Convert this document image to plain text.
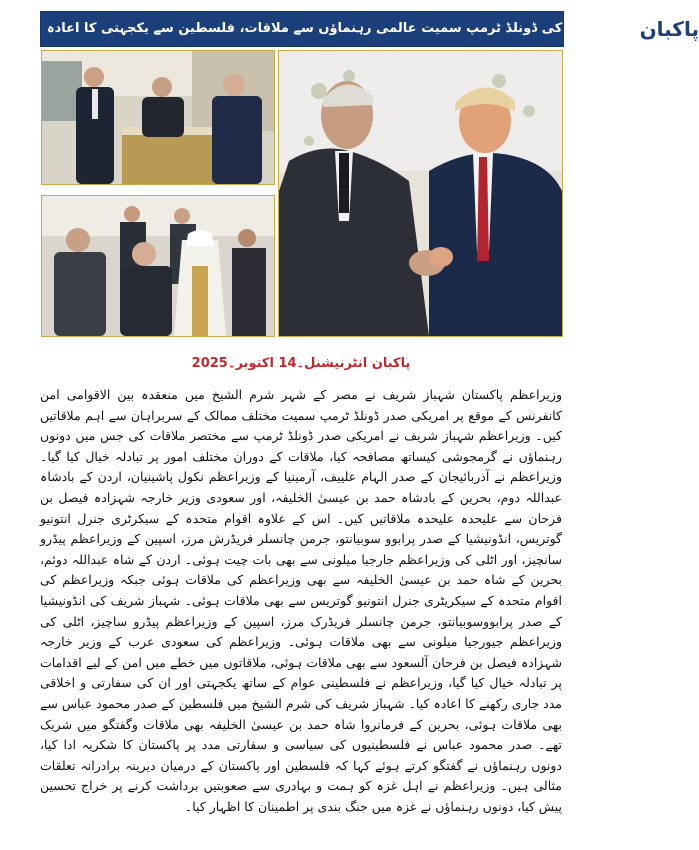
وزیراعظم کی ڈونلڈ ٹرمپ سمیت عالمی رہنماؤں سے ملاقات، فلسطین سے یکجہتی کا اعادہ پاکبان
پاکبان انٹرنیشنل۔14 اکتوبر۔2025

وزیراعظم پاکستان شہباز شریف نے مصر کے شہر شرم الشیخ میں منعقدہ بین الاقوامی امن کانفرنس کے موقع پر امریکی صدر ڈونلڈ ٹرمپ سمیت مختلف ممالک کے سربراہان سے اہم ملاقاتیں کیں۔ وزیراعظم شہباز شریف نے امریکی صدر ڈونلڈ ٹرمپ سے مختصر ملاقات کی جس میں دونوں رہنماؤں نے گرمجوشی کیساتھ مصافحہ کیا، ملاقات کے دوران مختلف امور پر تبادلہ خیال کیا گیا۔ وزیراعظم نے آذربائیجان کے صدر الہام علییف، آرمینیا کے وزیراعظم نکول پاشینیان، اردن کے بادشاہ عبداللہ دوم، بحرین کے بادشاہ حمد بن عیسیٰ الخلیفہ، اور سعودی وزیر خارجہ شہزادہ فیصل بن فرحان سے علیحدہ علیحدہ ملاقاتیں کیں۔ اس کے علاوہ اقوام متحدہ کے سیکرٹری جنرل انتونیو گوتریس، انڈونیشیا کے صدر پرابوو سوبیانتو، جرمن چانسلر فریڈرش مرز، اسپین کے وزیراعظم پیڈرو سانچیز، اور اٹلی کی وزیراعظم جارجیا میلونی سے بھی بات چیت ہوئی۔ اردن کے شاہ عبداللہ دوئم، بحرین کے شاہ حمد بن عیسیٰ الخلیفہ سے بھی وزیراعظم کی ملاقات ہوئی جبکہ وزیراعظم کی اقوام متحدہ کے سیکریٹری جنرل انتونیو گوتریس سے بھی ملاقات ہوئی۔ شہباز شریف کی انڈونیشیا کے صدر پرابووسوبیانتو، جرمن چانسلر فریڈرک مرز، اسپین کے وزیراعظم پیڈرو ساچیز، اٹلی کی وزیراعظم جیورجیا میلونی سے بھی ملاقات ہوئی۔ وزیراعظم کی سعودی عرب کے وزیر خارجہ شہزادہ فیصل بن فرحان آلسعود سے بھی ملاقات ہوئی، ملاقاتوں میں خطے میں امن کے لیے اقدامات پر تبادلہ خیال کیا گیا، وزیراعظم نے فلسطینی عوام کے ساتھ یکجہتی اور ان کی سفارتی و اخلاقی مدد جاری رکھنے کا اعادہ کیا۔ شہباز شریف کی شرم الشیخ میں فلسطین کے صدر محمود عباس سے بھی ملاقات ہوئی، بحرین کے فرمانروا شاہ حمد بن عیسیٰ الخلیفہ بھی ملاقات وگفتگو میں شریک تھے۔ صدر محمود عباس نے فلسطینیوں کی سیاسی و سفارتی مدد پر پاکستان کا شکریہ ادا کیا، دونوں رہنماؤں نے گفتگو کرتے ہوئے کہا کہ فلسطین اور پاکستان کے درمیان دیرینہ برادرانہ تعلقات مثالی ہیں۔ وزیراعظم نے اہل غزہ کو ہمت و بہادری سے صعوبتیں برداشت کرنے پر خراج تحسین پیش کیا، دونوں رہنماؤں نے غزہ میں جنگ بندی پر اطمینان کا اظہار کیا۔
